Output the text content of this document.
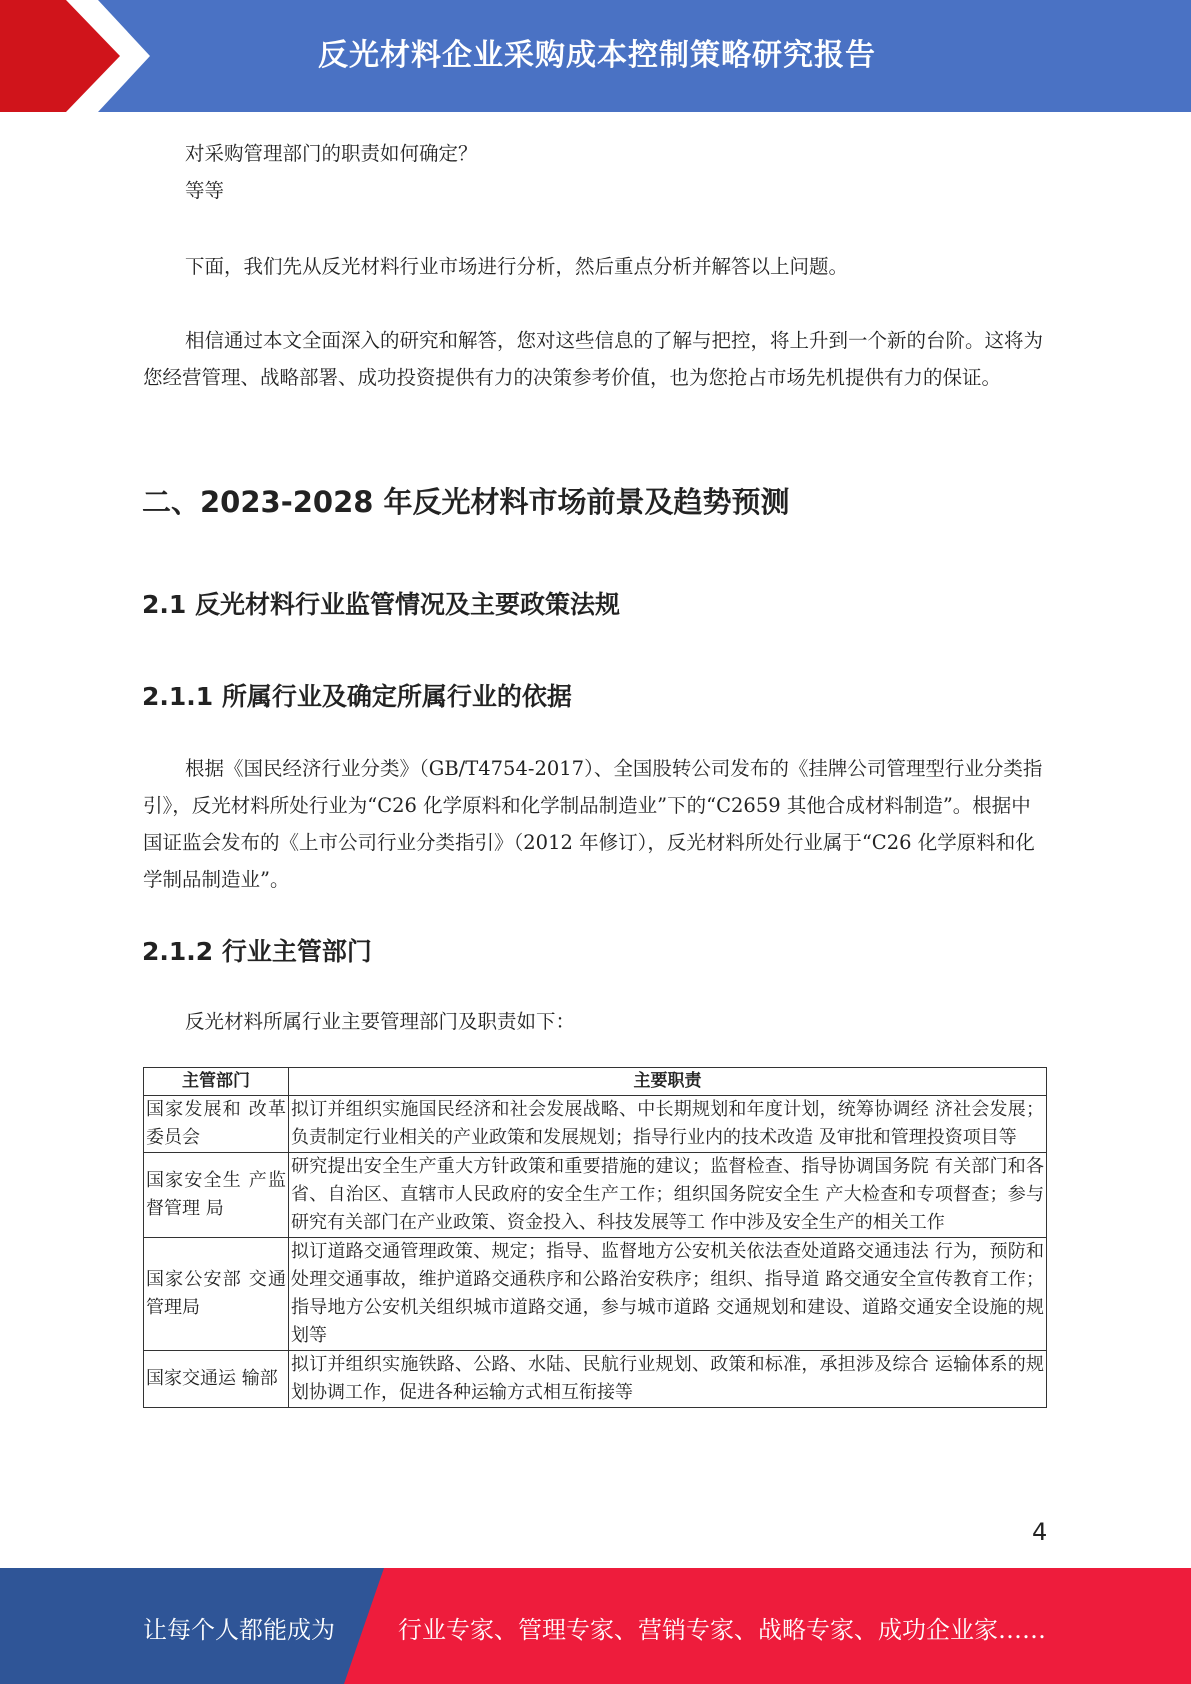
反光材料企业采购成本控制策略研究报告

对采购管理部门的职责如何确定？

等等

下面，我们先从反光材料行业市场进行分析，然后重点分析并解答以上问题。

相信通过本文全面深入的研究和解答，您对这些信息的了解与把控，将上升到一个新的台阶。这将为您经营管理、战略部署、成功投资提供有力的决策参考价值，也为您抢占市场先机提供有力的保证。

二、2023-2028 年反光材料市场前景及趋势预测
2.1 反光材料行业监管情况及主要政策法规
2.1.1 所属行业及确定所属行业的依据

根据《国民经济行业分类》（GB/T4754-2017）、全国股转公司发布的《挂牌公司管理型行业分类指引》，反光材料所处行业为“C26 化学原料和化学制品制造业”下的“C2659 其他合成材料制造”。根据中国证监会发布的《上市公司行业分类指引》（2012 年修订），反光材料所处行业属于“C26 化学原料和化学制品制造业”。

2.1.2 行业主管部门

反光材料所属行业主要管理部门及职责如下：

主管部门	主要职责
国家发展和 改革委员会	拟订并组织实施国民经济和社会发展战略、中长期规划和年度计划，统筹协调经 济社会发展；负责制定行业相关的产业政策和发展规划；指导行业内的技术改造 及审批和管理投资项目等
国家安全生 产监督管理 局	研究提出安全生产重大方针政策和重要措施的建议；监督检查、指导协调国务院 有关部门和各省、自治区、直辖市人民政府的安全生产工作；组织国务院安全生 产大检查和专项督查；参与研究有关部门在产业政策、资金投入、科技发展等工 作中涉及安全生产的相关工作
国家公安部 交通管理局	拟订道路交通管理政策、规定；指导、监督地方公安机关依法查处道路交通违法 行为，预防和处理交通事故，维护道路交通秩序和公路治安秩序；组织、指导道 路交通安全宣传教育工作；指导地方公安机关组织城市道路交通，参与城市道路 交通规划和建设、道路交通安全设施的规划等
国家交通运 输部	拟订并组织实施铁路、公路、水陆、民航行业规划、政策和标准，承担涉及综合 运输体系的规划协调工作，促进各种运输方式相互衔接等
4
让每个人都能成为	行业专家、管理专家、营销专家、战略专家、成功企业家……
